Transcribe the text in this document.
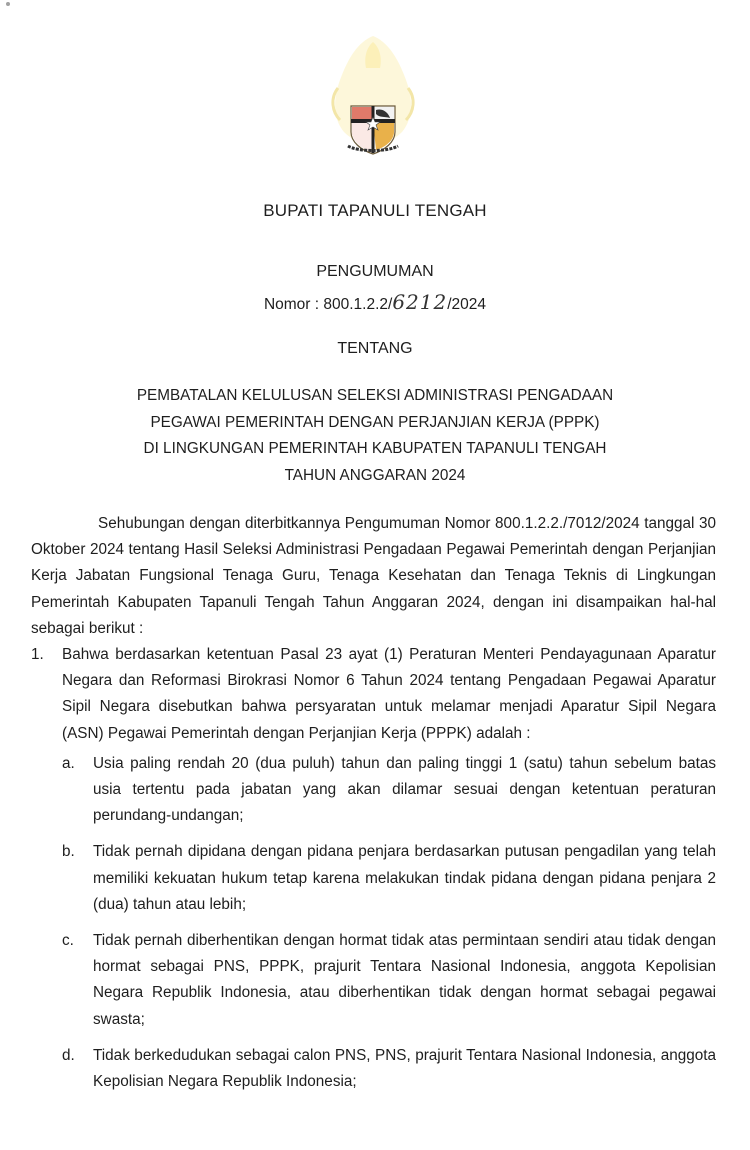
BUPATI TAPANULI TENGAH
PENGUMUMAN
Nomor : 800.1.2.2/6212/2024
TENTANG
PEMBATALAN KELULUSAN SELEKSI ADMINISTRASI PENGADAAN
PEGAWAI PEMERINTAH DENGAN PERJANJIAN KERJA (PPPK)
DI LINGKUNGAN PEMERINTAH KABUPATEN TAPANULI TENGAH
TAHUN ANGGARAN 2024

Sehubungan dengan diterbitkannya Pengumuman Nomor 800.1.2.2./7012/2024 tanggal 30 Oktober 2024 tentang Hasil Seleksi Administrasi Pengadaan Pegawai Pemerintah dengan Perjanjian Kerja Jabatan Fungsional Tenaga Guru, Tenaga Kesehatan dan Tenaga Teknis di Lingkungan Pemerintah Kabupaten Tapanuli Tengah Tahun Anggaran 2024, dengan ini disampaikan hal-hal sebagai berikut :

1.	Bahwa berdasarkan ketentuan Pasal 23 ayat (1) Peraturan Menteri Pendayagunaan Aparatur Negara dan Reformasi Birokrasi Nomor 6 Tahun 2024 tentang Pengadaan Pegawai Aparatur Sipil Negara disebutkan bahwa persyaratan untuk melamar menjadi Aparatur Sipil Negara (ASN) Pegawai Pemerintah dengan Perjanjian Kerja (PPPK) adalah :
a.	Usia paling rendah 20 (dua puluh) tahun dan paling tinggi 1 (satu) tahun sebelum batas usia tertentu pada jabatan yang akan dilamar sesuai dengan ketentuan peraturan perundang-undangan;
b.	Tidak pernah dipidana dengan pidana penjara berdasarkan putusan pengadilan yang telah memiliki kekuatan hukum tetap karena melakukan tindak pidana dengan pidana penjara 2 (dua) tahun atau lebih;
c.	Tidak pernah diberhentikan dengan hormat tidak atas permintaan sendiri atau tidak dengan hormat sebagai PNS, PPPK, prajurit Tentara Nasional Indonesia, anggota Kepolisian Negara Republik Indonesia, atau diberhentikan tidak dengan hormat sebagai pegawai swasta;
d.	Tidak berkedudukan sebagai calon PNS, PNS, prajurit Tentara Nasional Indonesia, anggota Kepolisian Negara Republik Indonesia;
